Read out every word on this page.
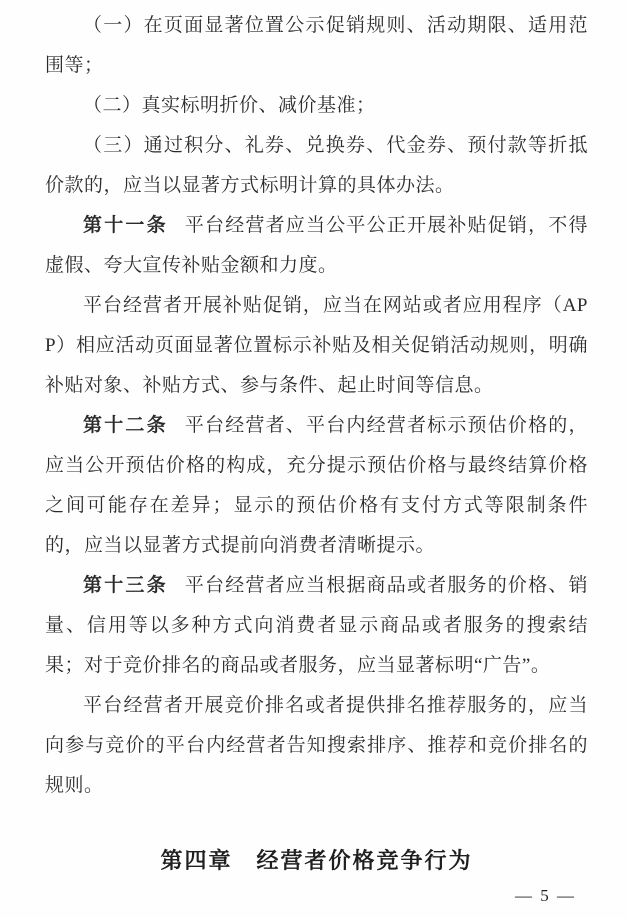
（一）在页面显著位置公示促销规则、活动期限、适用范围等；

（二）真实标明折价、减价基准；

（三）通过积分、礼券、兑换券、代金券、预付款等折抵价款的，应当以显著方式标明计算的具体办法。

第十一条 平台经营者应当公平公正开展补贴促销，不得虚假、夸大宣传补贴金额和力度。

平台经营者开展补贴促销，应当在网站或者应用程序（APP）相应活动页面显著位置标示补贴及相关促销活动规则，明确补贴对象、补贴方式、参与条件、起止时间等信息。

第十二条 平台经营者、平台内经营者标示预估价格的，应当公开预估价格的构成，充分提示预估价格与最终结算价格之间可能存在差异；显示的预估价格有支付方式等限制条件的，应当以显著方式提前向消费者清晰提示。

第十三条 平台经营者应当根据商品或者服务的价格、销量、信用等以多种方式向消费者显示商品或者服务的搜索结果；对于竞价排名的商品或者服务，应当显著标明“广告”。

平台经营者开展竞价排名或者提供排名推荐服务的，应当向参与竞价的平台内经营者告知搜索排序、推荐和竞价排名的规则。

第四章　经营者价格竞争行为
— 5 —
